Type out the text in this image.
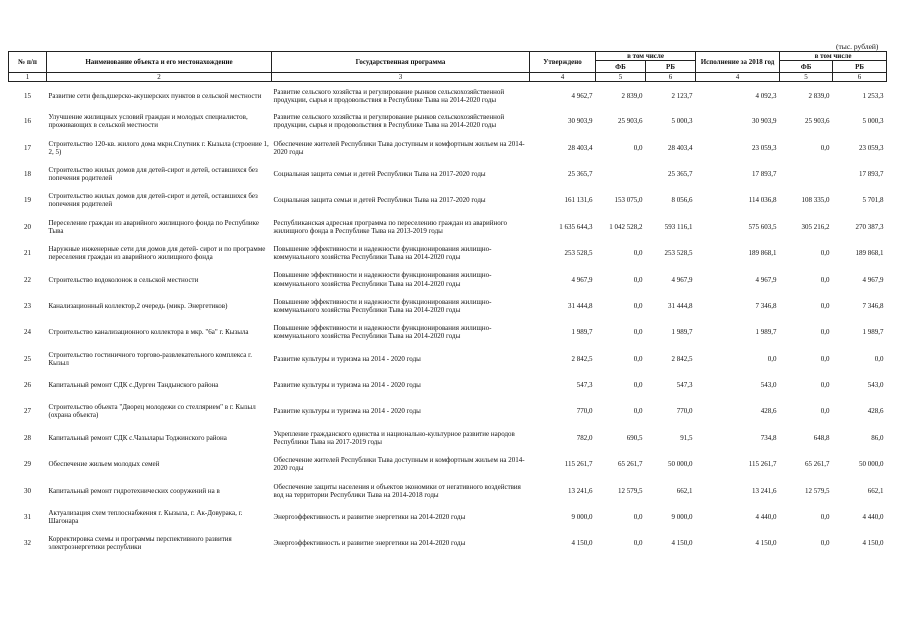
(тыс. рублей)
№ п/п	Наименование объекта и его местонахождение	Государственная программа	Утверждено	в том числе		Исполнение за 2018 год	в том числе	
				ФБ	РБ		ФБ	РБ
1	2	3	4	5	6	4	5	6
15	Развитие сети фельдшерско-акушерских пунктов в сельской местности	Развитие сельского хозяйства и регулирование рынков сельскохозяйственной продукции, сырья и продовольствия в Республике Тыва на 2014-2020 годы	4 962,7	2 839,0	2 123,7	4 092,3	2 839,0	1 253,3
16	Улучшение жилищных условий граждан и молодых специалистов, проживающих в сельской местности	Развитие сельского хозяйства и регулирование рынков сельскохозяйственной продукции, сырья и продовольствия в Республике Тыва на 2014-2020 годы	30 903,9	25 903,6	5 000,3	30 903,9	25 903,6	5 000,3
17	Строительство 120-кв. жилого дома мкрн.Спутник г. Кызыла (строение 1, 2, 5)	Обеспечение жителей Республики Тыва доступным и комфортным жильем на 2014-2020 годы	28 403,4	0,0	28 403,4	23 059,3	0,0	23 059,3
18	Строительство жилых домов для детей-сирот и детей, оставшихся без попечения родителей	Социальная защита семьи и детей Республики Тыва на 2017-2020 годы	25 365,7		25 365,7	17 893,7		17 893,7
19	Строительство жилых домов для детей-сирот и детей, оставшихся без попечения родителей	Социальная защита семьи и детей Республики Тыва на 2017-2020 годы	161 131,6	153 075,0	8 056,6	114 036,8	108 335,0	5 701,8
20	Переселение граждан из аварийного жилищного фонда по Республике Тыва	Республиканская адресная программа по переселению граждан из аварийного жилищного фонда в Республике Тыва на 2013-2019 годы	1 635 644,3	1 042 528,2	593 116,1	575 603,5	305 216,2	270 387,3
21	Наружные инженерные сети для домов для детей- сирот и по программе переселения граждан из аварийного жилищного фонда	Повышение эффективности и надежности функционирования жилищно-коммунального хозяйства Республики Тыва на 2014-2020 годы	253 528,5	0,0	253 528,5	189 868,1	0,0	189 868,1
22	Строительство водоколонок в сельской местности	Повышение эффективности и надежности функционирования жилищно-коммунального хозяйства Республики Тыва на 2014-2020 годы	4 967,9	0,0	4 967,9	4 967,9	0,0	4 967,9
23	Канализационный коллектор,2 очередь (микр. Энергетиков)	Повышение эффективности и надежности функционирования жилищно-коммунального хозяйства Республики Тыва на 2014-2020 годы	31 444,8	0,0	31 444,8	7 346,8	0,0	7 346,8
24	Строительство канализационного коллектора в мкр. "6а" г. Кызыла	Повышение эффективности и надежности функционирования жилищно-коммунального хозяйства Республики Тыва на 2014-2020 годы	1 989,7	0,0	1 989,7	1 989,7	0,0	1 989,7
25	Строительство гостиничного торгово-развлекательного комплекса г. Кызыл	Развитие культуры и туризма на 2014 - 2020 годы	2 842,5	0,0	2 842,5	0,0	0,0	0,0
26	Капитальный ремонт СДК с.Дурген Тандынского района	Развитие культуры и туризма на 2014 - 2020 годы	547,3	0,0	547,3	543,0	0,0	543,0
27	Строительство объекта "Дворец молодежи со стеллярием" в г. Кызыл (охрана объекта)	Развитие культуры и туризма на 2014 - 2020 годы	770,0	0,0	770,0	428,6	0,0	428,6
28	Капитальный ремонт СДК с.Чазылары Тоджинского района	Укрепление гражданского единства и национально-культурное развитие народов Республики Тыва на 2017-2019 годы	782,0	690,5	91,5	734,8	648,8	86,0
29	Обеспечение жильем молодых семей	Обеспечение жителей Республики Тыва доступным и комфортным жильем на 2014-2020 годы	115 261,7	65 261,7	50 000,0	115 261,7	65 261,7	50 000,0
30	Капитальный ремонт гидротехнических сооружений на в	Обеспечение защиты населения и объектов экономики от негативного воздействия вод на территории Республики Тыва на 2014-2018 годы	13 241,6	12 579,5	662,1	13 241,6	12 579,5	662,1
31	Актуализация схем теплоснабжения г. Кызыла, г. Ак-Довурака, г. Шагонара	Энергоэффективность и развитие энергетики на 2014-2020 годы	9 000,0	0,0	9 000,0	4 440,0	0,0	4 440,0
32	Корректировка схемы и программы перспективного развития электроэнергетики республики	Энергоэффективность и развитие энергетики на 2014-2020 годы	4 150,0	0,0	4 150,0	4 150,0	0,0	4 150,0
